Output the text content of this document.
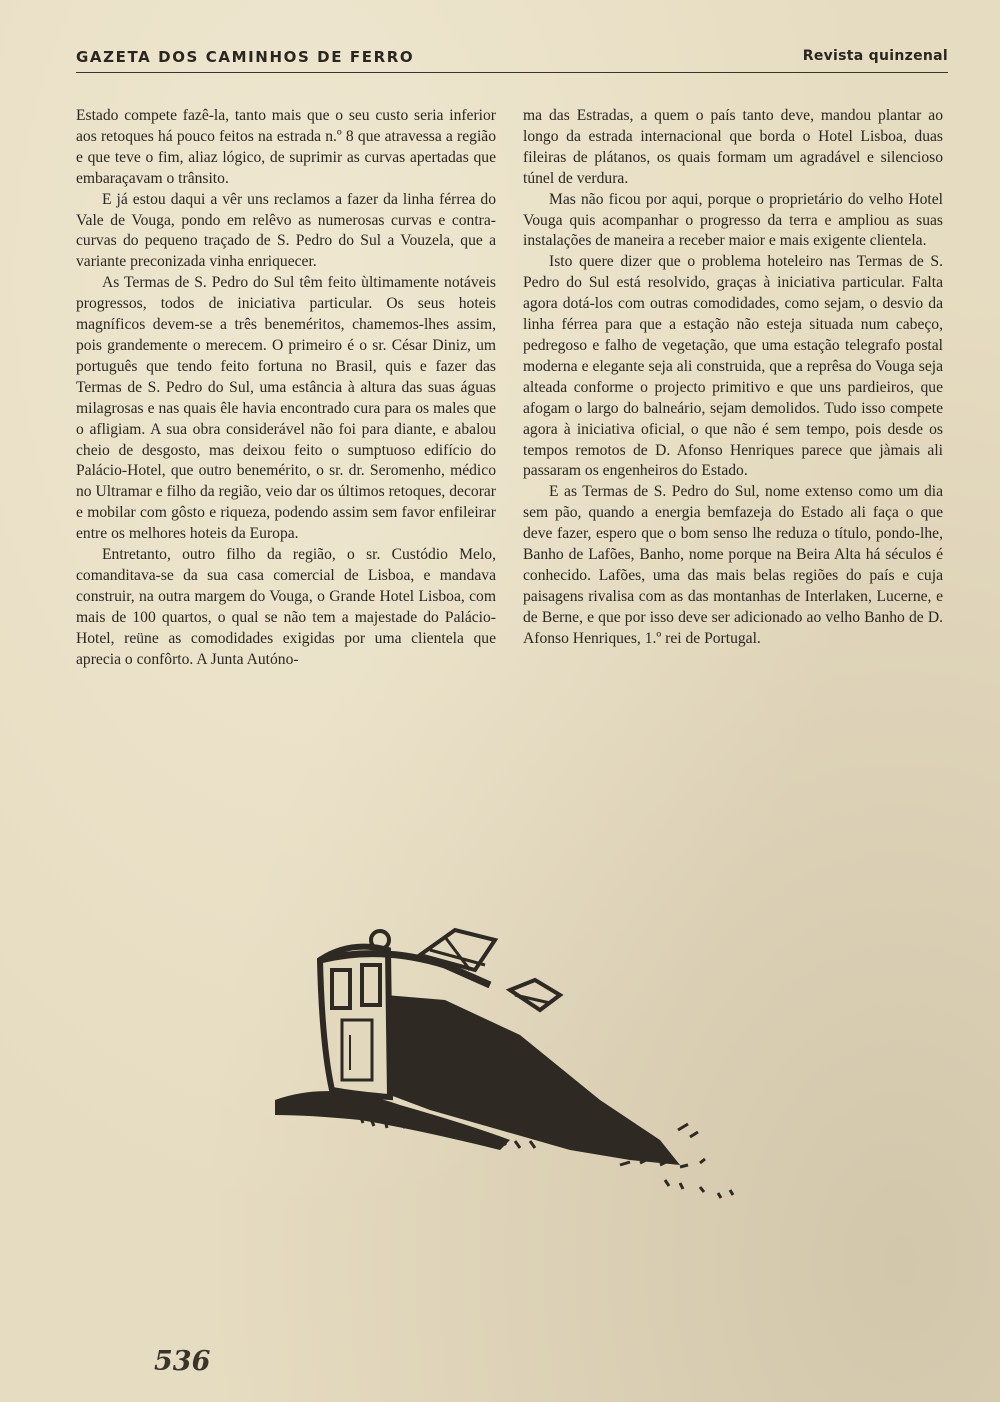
GAZETA DOS CAMINHOS DE FERRO	Revista quinzenal

Estado compete fazê-la, tanto mais que o seu custo seria inferior aos retoques há pouco feitos na estrada n.º 8 que atravessa a região e que teve o fim, aliaz lógico, de suprimir as curvas apertadas que embaraçavam o trânsito.

E já estou daqui a vêr uns reclamos a fazer da linha férrea do Vale de Vouga, pondo em relêvo as numerosas curvas e contra-curvas do pequeno traçado de S. Pedro do Sul a Vouzela, que a variante preconizada vinha enriquecer.

As Termas de S. Pedro do Sul têm feito ùltimamente notáveis progressos, todos de iniciativa particular. Os seus hoteis magníficos devem-se a três beneméritos, chamemos-lhes assim, pois grandemente o merecem. O primeiro é o sr. César Diniz, um português que tendo feito fortuna no Brasil, quis e fazer das Termas de S. Pedro do Sul, uma estância à altura das suas águas milagrosas e nas quais êle havia encontrado cura para os males que o afligiam. A sua obra considerável não foi para diante, e abalou cheio de desgosto, mas deixou feito o sumptuoso edifício do Palácio-Hotel, que outro benemérito, o sr. dr. Seromenho, médico no Ultramar e filho da região, veio dar os últimos retoques, decorar e mobilar com gôsto e riqueza, podendo assim sem favor enfileirar entre os melhores hoteis da Europa.

Entretanto, outro filho da região, o sr. Custódio Melo, comanditava-se da sua casa comercial de Lisboa, e mandava construir, na outra margem do Vouga, o Grande Hotel Lisboa, com mais de 100 quartos, o qual se não tem a majestade do Palácio-Hotel, reüne as comodidades exigidas por uma clientela que aprecia o confôrto. A Junta Autóno-

ma das Estradas, a quem o país tanto deve, mandou plantar ao longo da estrada internacional que borda o Hotel Lisboa, duas fileiras de plátanos, os quais formam um agradável e silencioso túnel de verdura.

Mas não ficou por aqui, porque o proprietário do velho Hotel Vouga quis acompanhar o progresso da terra e ampliou as suas instalações de maneira a receber maior e mais exigente clientela.

Isto quere dizer que o problema hoteleiro nas Termas de S. Pedro do Sul está resolvido, graças à iniciativa particular. Falta agora dotá-los com outras comodidades, como sejam, o desvio da linha férrea para que a estação não esteja situada num cabeço, pedregoso e falho de vegetação, que uma estação telegrafo postal moderna e elegante seja ali construida, que a reprêsa do Vouga seja alteada conforme o projecto primitivo e que uns pardieiros, que afogam o largo do balneário, sejam demolidos. Tudo isso compete agora à iniciativa oficial, o que não é sem tempo, pois desde os tempos remotos de D. Afonso Henriques parece que jàmais ali passaram os engenheiros do Estado.

E as Termas de S. Pedro do Sul, nome extenso como um dia sem pão, quando a energia bemfazeja do Estado ali faça o que deve fazer, espero que o bom senso lhe reduza o título, pondo-lhe, Banho de Lafões, Banho, nome porque na Beira Alta há séculos é conhecido. Lafões, uma das mais belas regiões do país e cuja paisagens rivalisa com as das montanhas de Interlaken, Lucerne, e de Berne, e que por isso deve ser adicionado ao velho Banho de D. Afonso Henriques, 1.º rei de Portugal.

536
